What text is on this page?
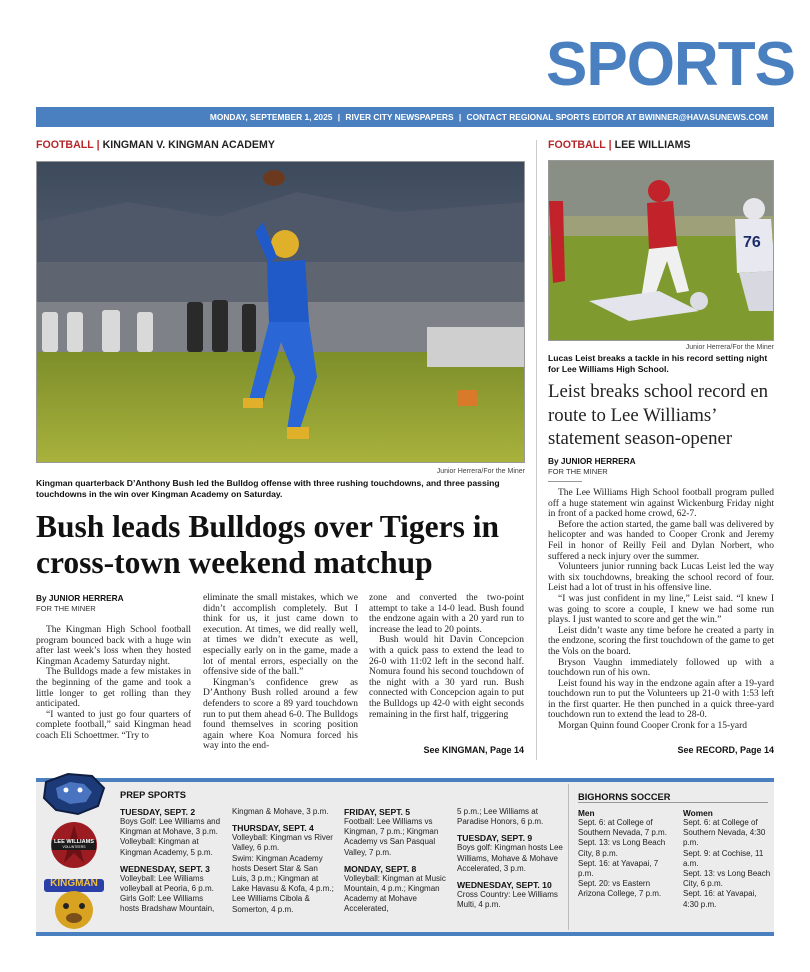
SPORTS
MONDAY, SEPTEMBER 1, 2025 | RIVER CITY NEWSPAPERS | CONTACT REGIONAL SPORTS EDITOR AT BWINNER@HAVASUNEWS.COM
FOOTBALL | KINGMAN V. KINGMAN ACADEMY
Junior Herrera/For the Miner
Kingman quarterback D’Anthony Bush led the Bulldog offense with three rushing touchdowns, and three passing touchdowns in the win over Kingman Academy on Saturday.
Bush leads Bulldogs over Tigers in cross-town weekend matchup
By JUNIOR HERRERA
FOR THE MINER

The Kingman High School football program bounced back with a huge win after last week’s loss when they hosted Kingman Academy Saturday night.

The Bulldogs made a few mistakes in the beginning of the game and took a little longer to get rolling than they anticipated.

“I wanted to just go four quarters of complete football,” said Kingman head coach Eli Schoettmer. “Try to

eliminate the small mistakes, which we didn’t accomplish completely. But I think for us, it just came down to execution. At times, we did really well, at times we didn’t execute as well, especially early on in the game, made a lot of mental errors, especially on the offensive side of the ball.”

Kingman’s confidence grew as D’Anthony Bush rolled around a few defenders to score a 89 yard touchdown run to put them ahead 6-0. The Bulldogs found themselves in scoring position again where Koa Nomura forced his way into the end-

zone and converted the two-point attempt to take a 14-0 lead. Bush found the endzone again with a 20 yard run to increase the lead to 20 points.

Bush would hit Davin Concepcion with a quick pass to extend the lead to 26-0 with 11:02 left in the second half. Nomura found his second touchdown of the night with a 30 yard run. Bush connected with Concepcion again to put the Bulldogs up 42-0 with eight seconds remaining in the first half, triggering

See KINGMAN, Page 14
FOOTBALL | LEE WILLIAMS
76
Junior Herrera/For the Miner
Lucas Leist breaks a tackle in his record setting night for Lee Williams High School.
Leist breaks school record en route to Lee Williams’ statement season-opener
By JUNIOR HERRERA
FOR THE MINER

The Lee Williams High School football program pulled off a huge statement win against Wickenburg Friday night in front of a packed home crowd, 62-7.

Before the action started, the game ball was delivered by helicopter and was handed to Cooper Cronk and Jeremy Feil in honor of Reilly Feil and Dylan Norbert, who suffered a neck injury over the summer.

Volunteers junior running back Lucas Leist led the way with six touchdowns, breaking the school record of four. Leist had a lot of trust in his offensive line.

“I was just confident in my line,” Leist said. “I knew I was going to score a couple, I knew we had some run plays. I just wanted to score and get the win.”

Leist didn’t waste any time before he created a party in the endzone, scoring the first touchdown of the game to get the Vols on the board.

Bryson Vaughn immediately followed up with a touchdown run of his own.

Leist found his way in the endzone again after a 19-yard touchdown run to put the Volunteers up 21-0 with 1:53 left in the first quarter. He then punched in a quick three-yard touchdown run to extend the lead to 28-0.

Morgan Quinn found Cooper Cronk for a 15-yard

See RECORD, Page 14
LEE WILLIAMS
VOLUNTEERS
KINGMAN
PREP SPORTS
TUESDAY, SEPT. 2
Boys Golf: Lee Williams and Kingman at Mohave, 3 p.m.
Volleyball: Kingman at Kingman Academy, 5 p.m.
WEDNESDAY, SEPT. 3
Volleyball: Lee Williams volleyball at Peoria, 6 p.m.
Girls Golf: Lee Williams hosts Bradshaw Mountain,
Kingman & Mohave, 3 p.m.
THURSDAY, SEPT. 4
Volleyball: Kingman vs River Valley, 6 p.m.
Swim: Kingman Academy hosts Desert Star & San Luis, 3 p.m.; Kingman at Lake Havasu & Kofa, 4 p.m.; Lee Williams Cibola & Somerton, 4 p.m.
FRIDAY, SEPT. 5
Football: Lee Williams vs Kingman, 7 p.m.; Kingman Academy vs San Pasqual Valley, 7 p.m.
MONDAY, SEPT. 8
Volleyball: Kingman at Music Mountain, 4 p.m.; Kingman Academy at Mohave Accelerated,
5 p.m.; Lee Williams at Paradise Honors, 6 p.m.
TUESDAY, SEPT. 9
Boys golf: Kingman hosts Lee Williams, Mohave & Mohave Accelerated, 3 p.m.
WEDNESDAY, SEPT. 10
Cross Country: Lee Williams Multi, 4 p.m.
BIGHORNS SOCCER
Men
Sept. 6: at College of Southern Nevada, 7 p.m.
Sept. 13: vs Long Beach City, 8 p.m.
Sept. 16: at Yavapai, 7 p.m.
Sept. 20: vs Eastern Arizona College, 7 p.m.
Women
Sept. 6: at College of Southern Nevada, 4:30 p.m.
Sept. 9: at Cochise, 11 a.m.
Sept. 13: vs Long Beach City, 6 p.m.
Sept. 16: at Yavapai, 4:30 p.m.
